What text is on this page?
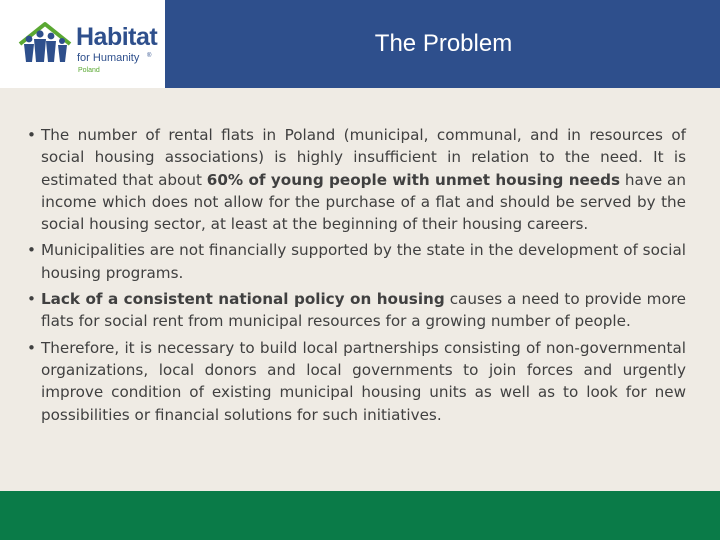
Habitat
for Humanity ®
Poland
The Problem
• The number of rental flats in Poland (municipal, communal, and in resources of social housing associations) is highly insufficient in relation to the need. It is estimated that about 60% of young people with unmet housing needs have an income which does not allow for the purchase of a flat and should be served by the social housing sector, at least at the beginning of their housing careers.
• Municipalities are not financially supported by the state in the development of social housing programs.
• Lack of a consistent national policy on housing causes a need to provide more flats for social rent from municipal resources for a growing number of people.
• Therefore, it is necessary to build local partnerships consisting of non-governmental organizations, local donors and local governments to join forces and urgently improve condition of existing municipal housing units as well as to look for new possibilities or financial solutions for such initiatives.
